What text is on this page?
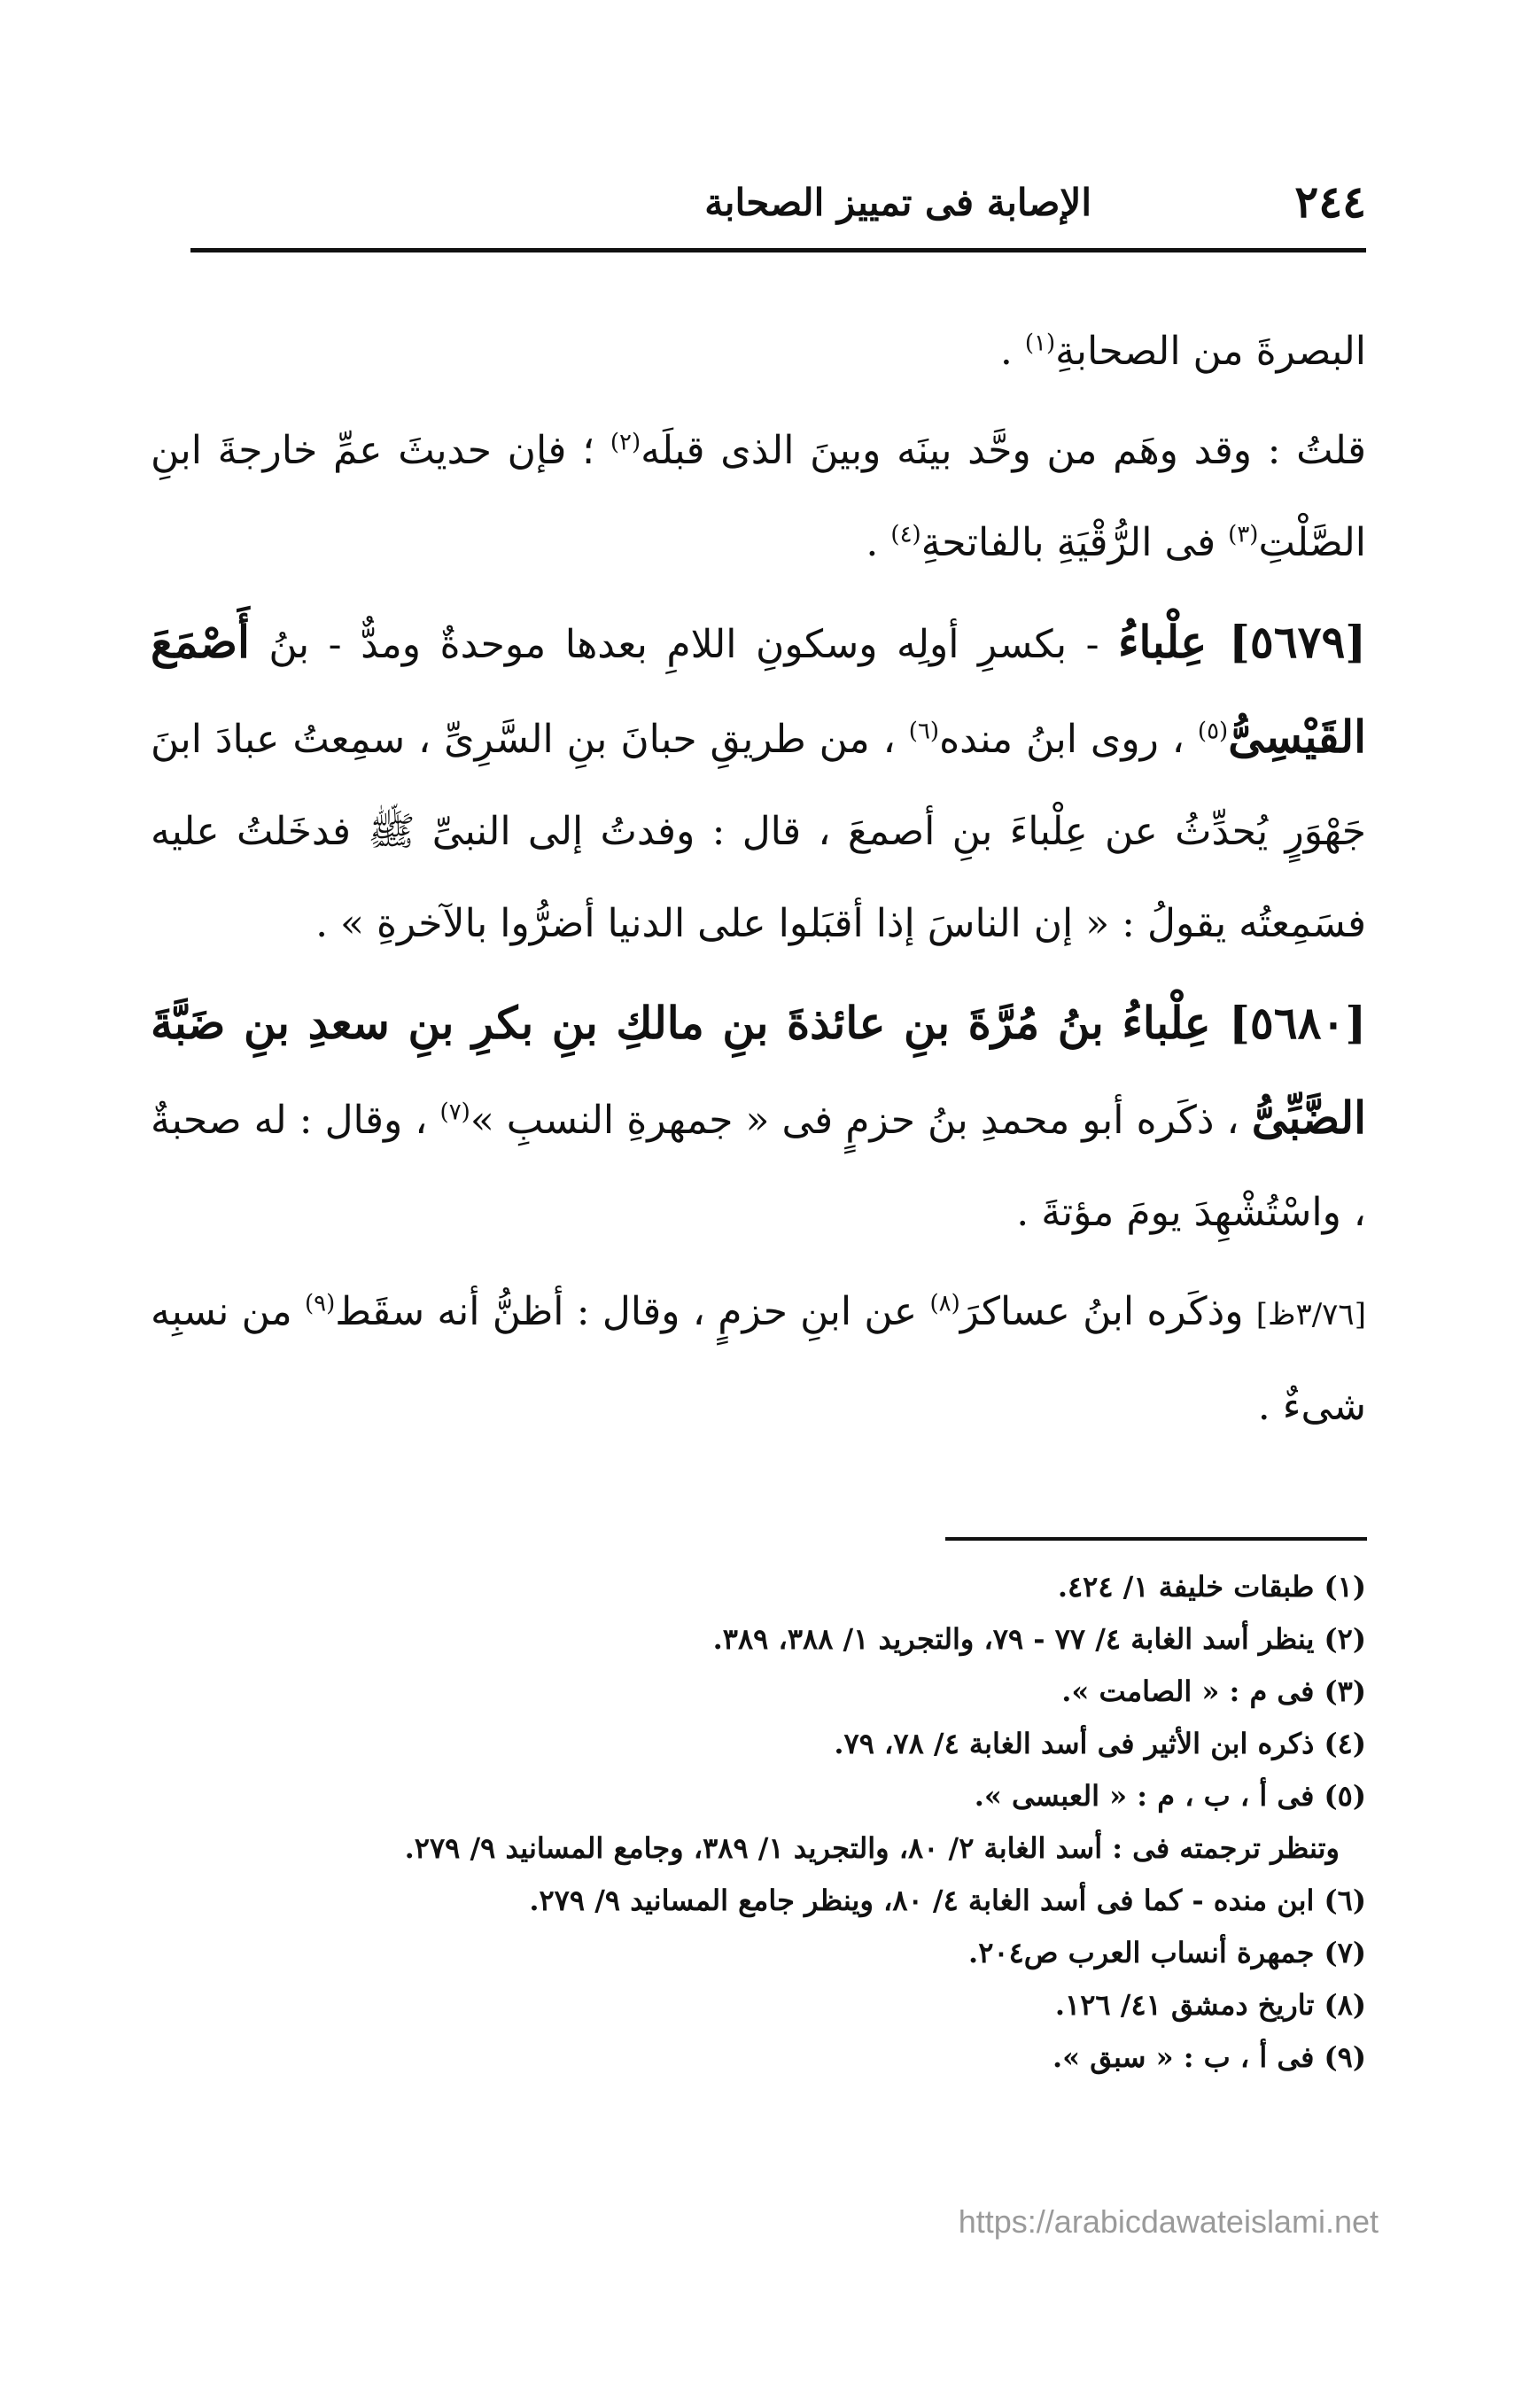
٢٤٤
الإصابة فى تمييز الصحابة

البصرةَ من الصحابةِ$^{(١)}$ .

قلتُ : وقد وهَم من وحَّد بينَه وبينَ الذى قبلَه$^{(٢)}$ ؛ فإن حديثَ عمِّ خارجةَ ابنِ الصَّلْتِ$^{(٣)}$ فى الرُّقْيَةِ بالفاتحةِ$^{(٤)}$ .

[٥٦٧٩] عِلْباءُ - بكسرِ أولِه وسكونِ اللامِ بعدها موحدةٌ ومدٌّ - بنُ أَصْمَعَ القَيْسِىُّ$^{(٥)}$ ، روى ابنُ منده$^{(٦)}$ ، من طريقِ حبانَ بنِ السَّرِىِّ ، سمِعتُ عبادَ ابنَ جَهْوَرٍ يُحدِّثُ عن عِلْباءَ بنِ أصمعَ ، قال : وفدتُ إلى النبىِّ ﷺ فدخَلتُ عليه فسَمِعتُه يقولُ : « إن الناسَ إذا أقبَلوا على الدنيا أضرُّوا بالآخرةِ » .

[٥٦٨٠] عِلْباءُ بنُ مُرَّةَ بنِ عائذةَ بنِ مالكِ بنِ بكرِ بنِ سعدِ بنِ ضَبَّةَ الضَّبِّىُّ ، ذكَره أبو محمدِ بنُ حزمٍ فى « جمهرةِ النسبِ »$^{(٧)}$ ، وقال : له صحبةٌ ، واسْتُشْهِدَ يومَ مؤتةَ .

[٣/٧٦ظ] وذكَره ابنُ عساكرَ$^{(٨)}$ عن ابنِ حزمٍ ، وقال : أظنُّ أنه سقَط$^{(٩)}$ من نسبِه شىءٌ .

(١) طبقات خليفة ١/ ٤٢٤.
(٢) ينظر أسد الغابة ٤/ ٧٧ - ٧٩، والتجريد ١/ ٣٨٨، ٣٨٩.
(٣) فى م : « الصامت ».
(٤) ذكره ابن الأثير فى أسد الغابة ٤/ ٧٨، ٧٩.
(٥) فى أ ، ب ، م : « العبسى ».
وتنظر ترجمته فى : أسد الغابة ٢/ ٨٠، والتجريد ١/ ٣٨٩، وجامع المسانيد ٩/ ٢٧٩.
(٦) ابن منده - كما فى أسد الغابة ٤/ ٨٠، وينظر جامع المسانيد ٩/ ٢٧٩.
(٧) جمهرة أنساب العرب ص٢٠٤.
(٨) تاريخ دمشق ٤١/ ١٢٦.
(٩) فى أ ، ب : « سبق ».
https://arabicdawateislami.net
